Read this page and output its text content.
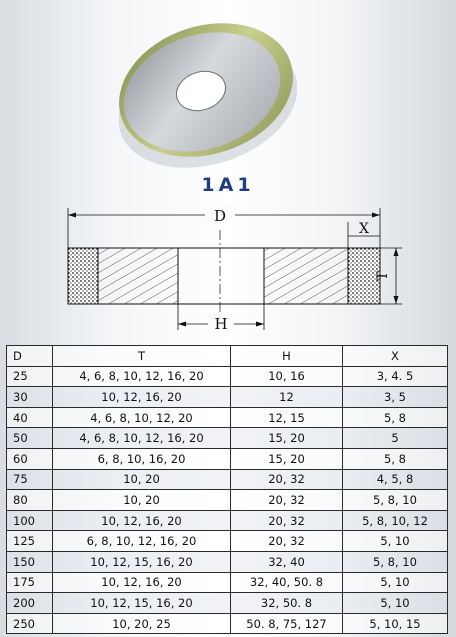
1A1
D
X
T
H
D	T	H	X
25	4, 6, 8, 10, 12, 16, 20	10, 16	3, 4. 5
30	10, 12, 16, 20	12	3, 5
40	4, 6, 8, 10, 12, 20	12, 15	5, 8
50	4, 6, 8, 10, 12, 16, 20	15, 20	5
60	6, 8, 10, 16, 20	15, 20	5, 8
75	10, 20	20, 32	4, 5, 8
80	10, 20	20, 32	5, 8, 10
100	10, 12, 16, 20	20, 32	5, 8, 10, 12
125	6, 8, 10, 12, 16, 20	20, 32	5, 10
150	10, 12, 15, 16, 20	32, 40	5, 8, 10
175	10, 12, 16, 20	32, 40, 50. 8	5, 10
200	10, 12, 15, 16, 20	32, 50. 8	5, 10
250	10, 20, 25	50. 8, 75, 127	5, 10, 15
